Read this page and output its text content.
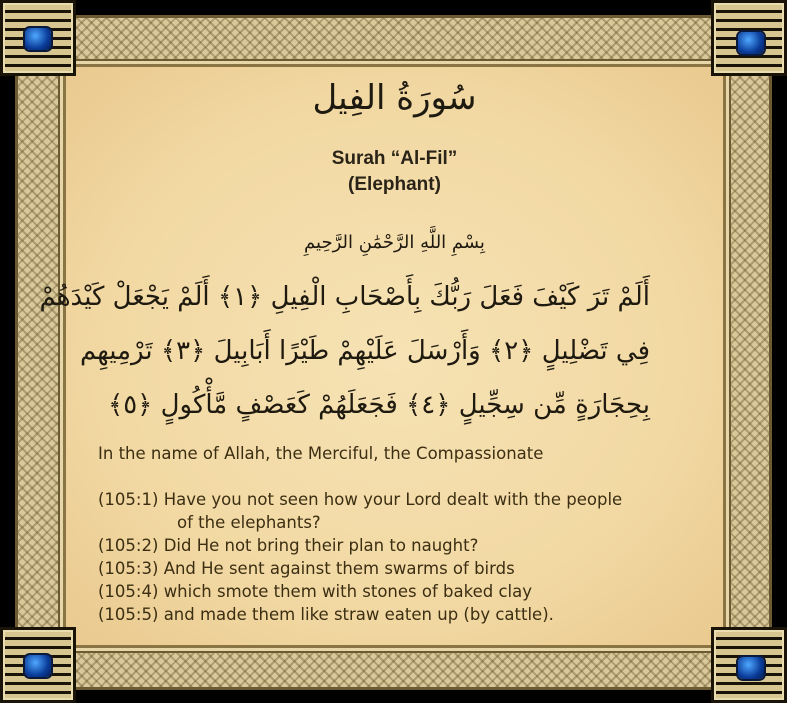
سُورَةُ الفِيل
Surah “Al-Fil”
(Elephant)
بِسْمِ اللَّهِ الرَّحْمَٰنِ الرَّحِيمِ
أَلَمْ تَرَ كَيْفَ فَعَلَ رَبُّكَ بِأَصْحَابِ الْفِيلِ ﴿١﴾ أَلَمْ يَجْعَلْ كَيْدَهُمْ
فِي تَضْلِيلٍ ﴿٢﴾ وَأَرْسَلَ عَلَيْهِمْ طَيْرًا أَبَابِيلَ ﴿٣﴾ تَرْمِيهِم
بِحِجَارَةٍ مِّن سِجِّيلٍ ﴿٤﴾ فَجَعَلَهُمْ كَعَصْفٍ مَّأْكُولٍ ﴿٥﴾
In the name of Allah, the Merciful, the Compassionate
(105:1) Have you not seen how your Lord dealt with the people
of the elephants?
(105:2) Did He not bring their plan to naught?
(105:3) And He sent against them swarms of birds
(105:4) which smote them with stones of baked clay
(105:5) and made them like straw eaten up (by cattle).
